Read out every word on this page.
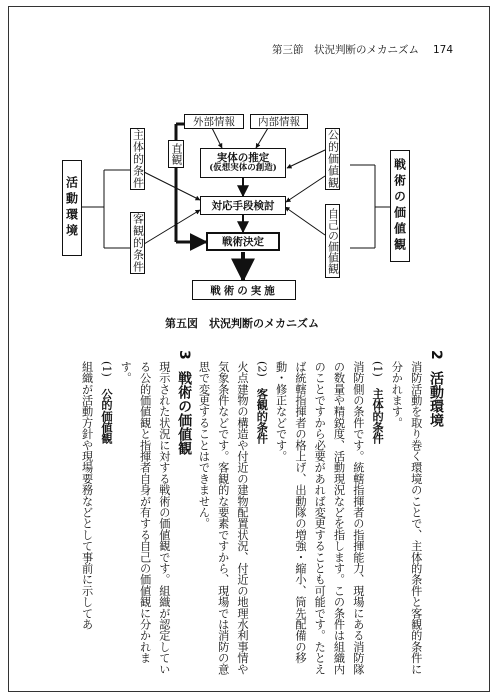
第三節　状況判断のメカニズム 174
活動環境
主体的条件
客観的条件
外部情報 内部情報
直観	実体の推定
(仮想実体の創造)
対応手段検討
戦術決定
戦術の実施
公的価値観
自己の価値観	戦術の価値観
第五図　状況判断のメカニズム

2　活動環境

消防活動を取り巻く環境のことで、主体的条件と客観的条件に分かれます。

(1)　主体的条件

消防側の条件です。統轄指揮者の指揮能力、現場にある消防隊の数量や精鋭度、活動現況などを指します。この条件は組織内のことですから必要があれば変更することも可能です。たとえば統轄指揮者の格上げ、出動隊の増強・縮小、筒先配備の移動・修正などです。

(2)　客観的条件

火点建物の構造や付近の建物配置状況、付近の地理水利事情や気象条件などです。客観的な要素ですから、現場では消防の意思で変更することはできません。

3　戦術の価値観

現示された状況に対する戦術の価値観です。組織が認定している公的価値観と指揮者自身が有する自己の価値観に分かれます。

(1)　公的価値観

組織が活動方針や現場要務などとして事前に示してあ
